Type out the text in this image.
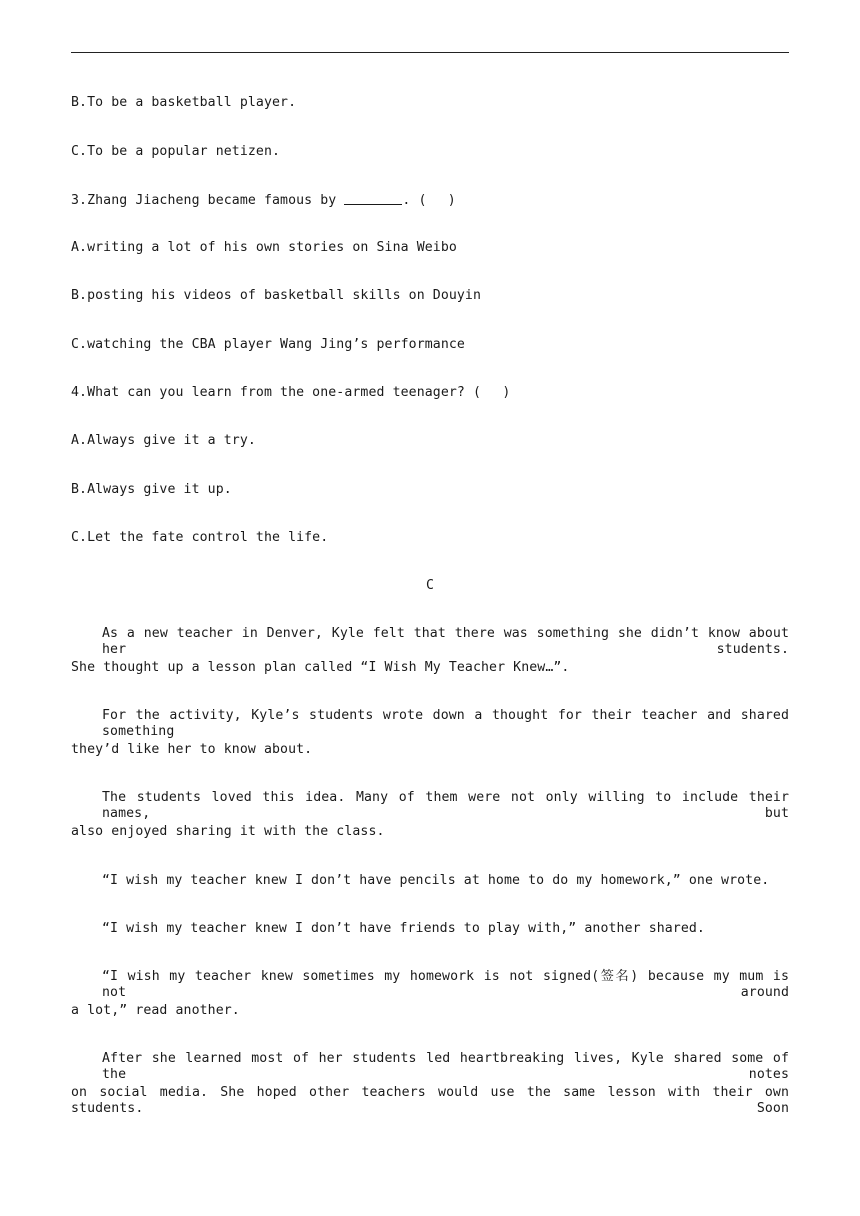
B.To be a basketball player.
C.To be a popular netizen.
3.Zhang Jiacheng became famous by	. (　 )
A.writing a lot of his own stories on Sina Weibo
B.posting his videos of basketball skills on Douyin
C.watching the CBA player Wang Jing’s performance
4.What can you learn from the one-armed teenager? (　 )
A.Always give it a try.
B.Always give it up.
C.Let the fate control the life.
C
As a new teacher in Denver, Kyle felt that there was something she didn’t know about her students.
She thought up a lesson plan called “I Wish My Teacher Knew…”.
For the activity, Kyle’s students wrote down a thought for their teacher and shared something
they’d like her to know about.
The students loved this idea. Many of them were not only willing to include their names, but
also enjoyed sharing it with the class.
“I wish my teacher knew I don’t have pencils at home to do my homework,” one wrote.
“I wish my teacher knew I don’t have friends to play with,” another shared.
“I wish my teacher knew sometimes my homework is not signed(签名) because my mum is not around
a lot,” read another.
After she learned most of her students led heartbreaking lives, Kyle shared some of the notes
on social media. She hoped other teachers would use the same lesson with their own students. Soon
